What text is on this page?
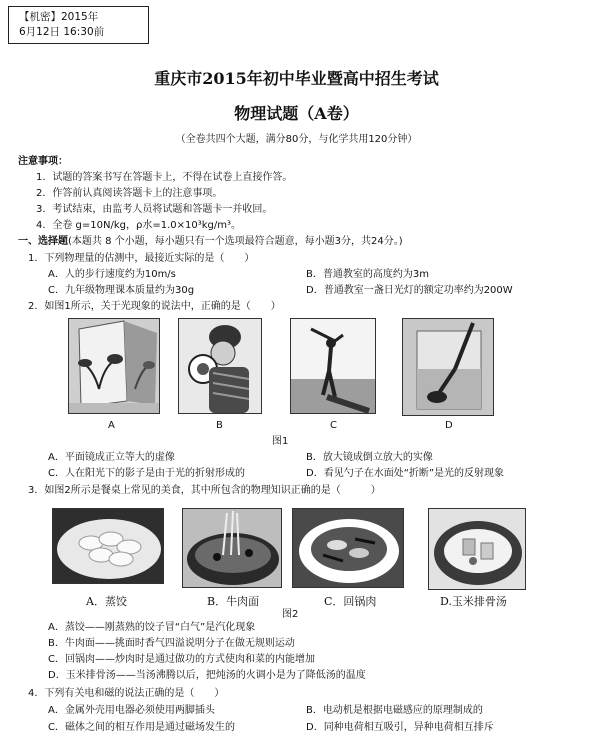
【机密】2015年
6月12日 16:30前
重庆市2015年初中毕业暨高中招生考试
物理试题（A卷）
（全卷共四个大题，满分80分，与化学共用120分钟）
注意事项：
1．试题的答案书写在答题卡上，不得在试卷上直接作答。
2．作答前认真阅读答题卡上的注意事项。
3．考试结束，由监考人员将试题和答题卡一并收回。
4．全卷 g=10N/kg，ρ水=1.0×10³kg/m³。
一、选择题(本题共 8 个小题，每小题只有一个选项最符合题意，每小题3分，共24分。)
1．下列物理量的估测中，最接近实际的是（　　）
A．人的步行速度约为10m/s	B．普通教室的高度约为3m
C．九年级物理课本质量约为30g	D．普通教室一盏日光灯的额定功率约为200W
2．如图1所示，关于光现象的说法中，正确的是（　　）
A	B	C	D
图1
A．平面镜成正立等大的虚像	B．放大镜成倒立放大的实像
C．人在阳光下的影子是由于光的折射形成的	D．看见勺子在水面处“折断”是光的反射现象
3．如图2所示是餐桌上常见的美食，其中所包含的物理知识正确的是（　　　）
A．蒸饺	B．牛肉面	C．回锅肉	D.玉米排骨汤
图2
A．蒸饺——刚蒸熟的饺子冒“白气”是汽化现象
B．牛肉面——挑面时香气四溢说明分子在做无规则运动
C．回锅肉——炒肉时是通过做功的方式使肉和菜的内能增加
D．玉米排骨汤——当汤沸腾以后，把炖汤的火调小是为了降低汤的温度
4．下列有关电和磁的说法正确的是（　　）
A．金属外壳用电器必须使用两脚插头	B．电动机是根据电磁感应的原理制成的
C．磁体之间的相互作用是通过磁场发生的	D．同种电荷相互吸引，异种电荷相互排斥
